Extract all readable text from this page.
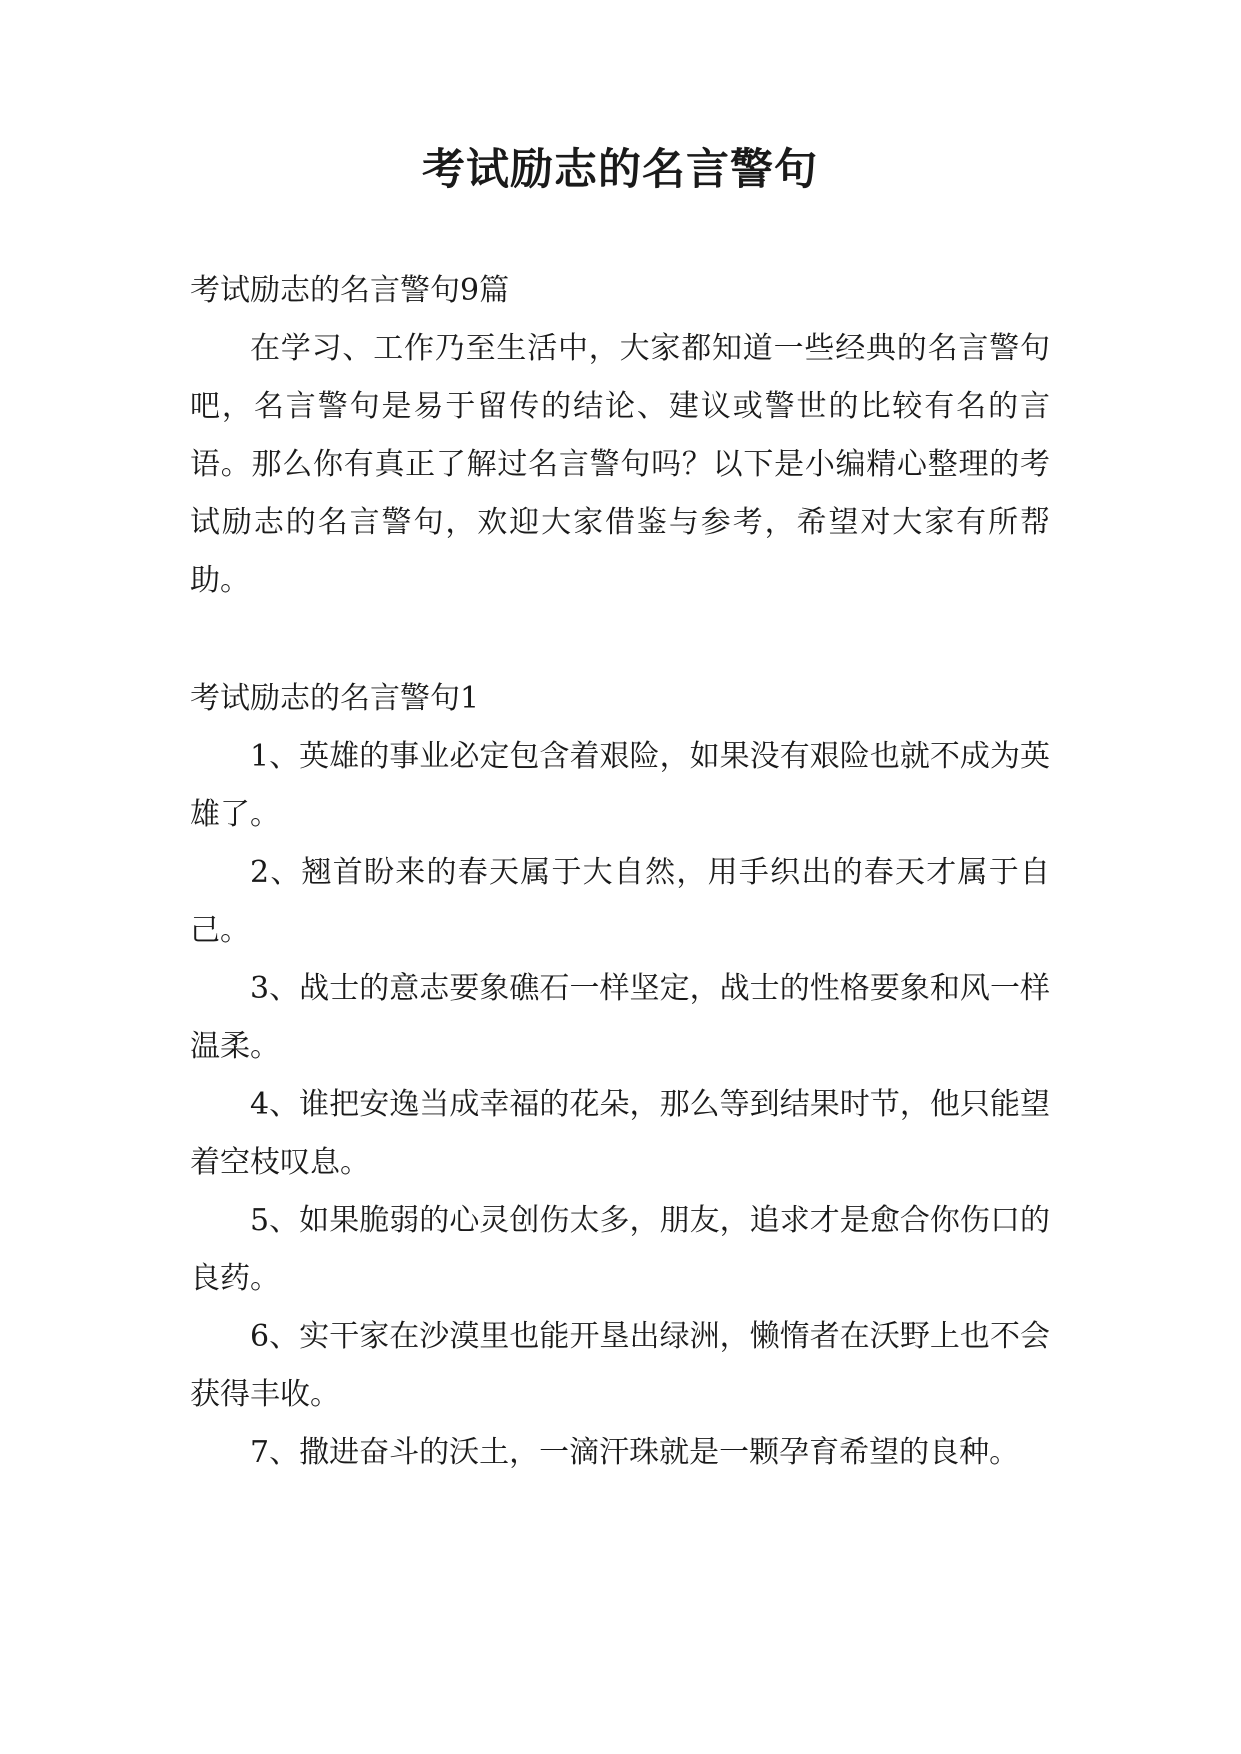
考试励志的名言警句

考试励志的名言警句9篇

在学习、工作乃至生活中，大家都知道一些经典的名言警句吧，名言警句是易于留传的结论、建议或警世的比较有名的言语。那么你有真正了解过名言警句吗？以下是小编精心整理的考试励志的名言警句，欢迎大家借鉴与参考，希望对大家有所帮助。

考试励志的名言警句1

1、英雄的事业必定包含着艰险，如果没有艰险也就不成为英雄了。

2、翘首盼来的春天属于大自然，用手织出的春天才属于自己。

3、战士的意志要象礁石一样坚定，战士的性格要象和风一样温柔。

4、谁把安逸当成幸福的花朵，那么等到结果时节，他只能望着空枝叹息。

5、如果脆弱的心灵创伤太多，朋友，追求才是愈合你伤口的良药。

6、实干家在沙漠里也能开垦出绿洲，懒惰者在沃野上也不会获得丰收。

7、撒进奋斗的沃土，一滴汗珠就是一颗孕育希望的良种。
